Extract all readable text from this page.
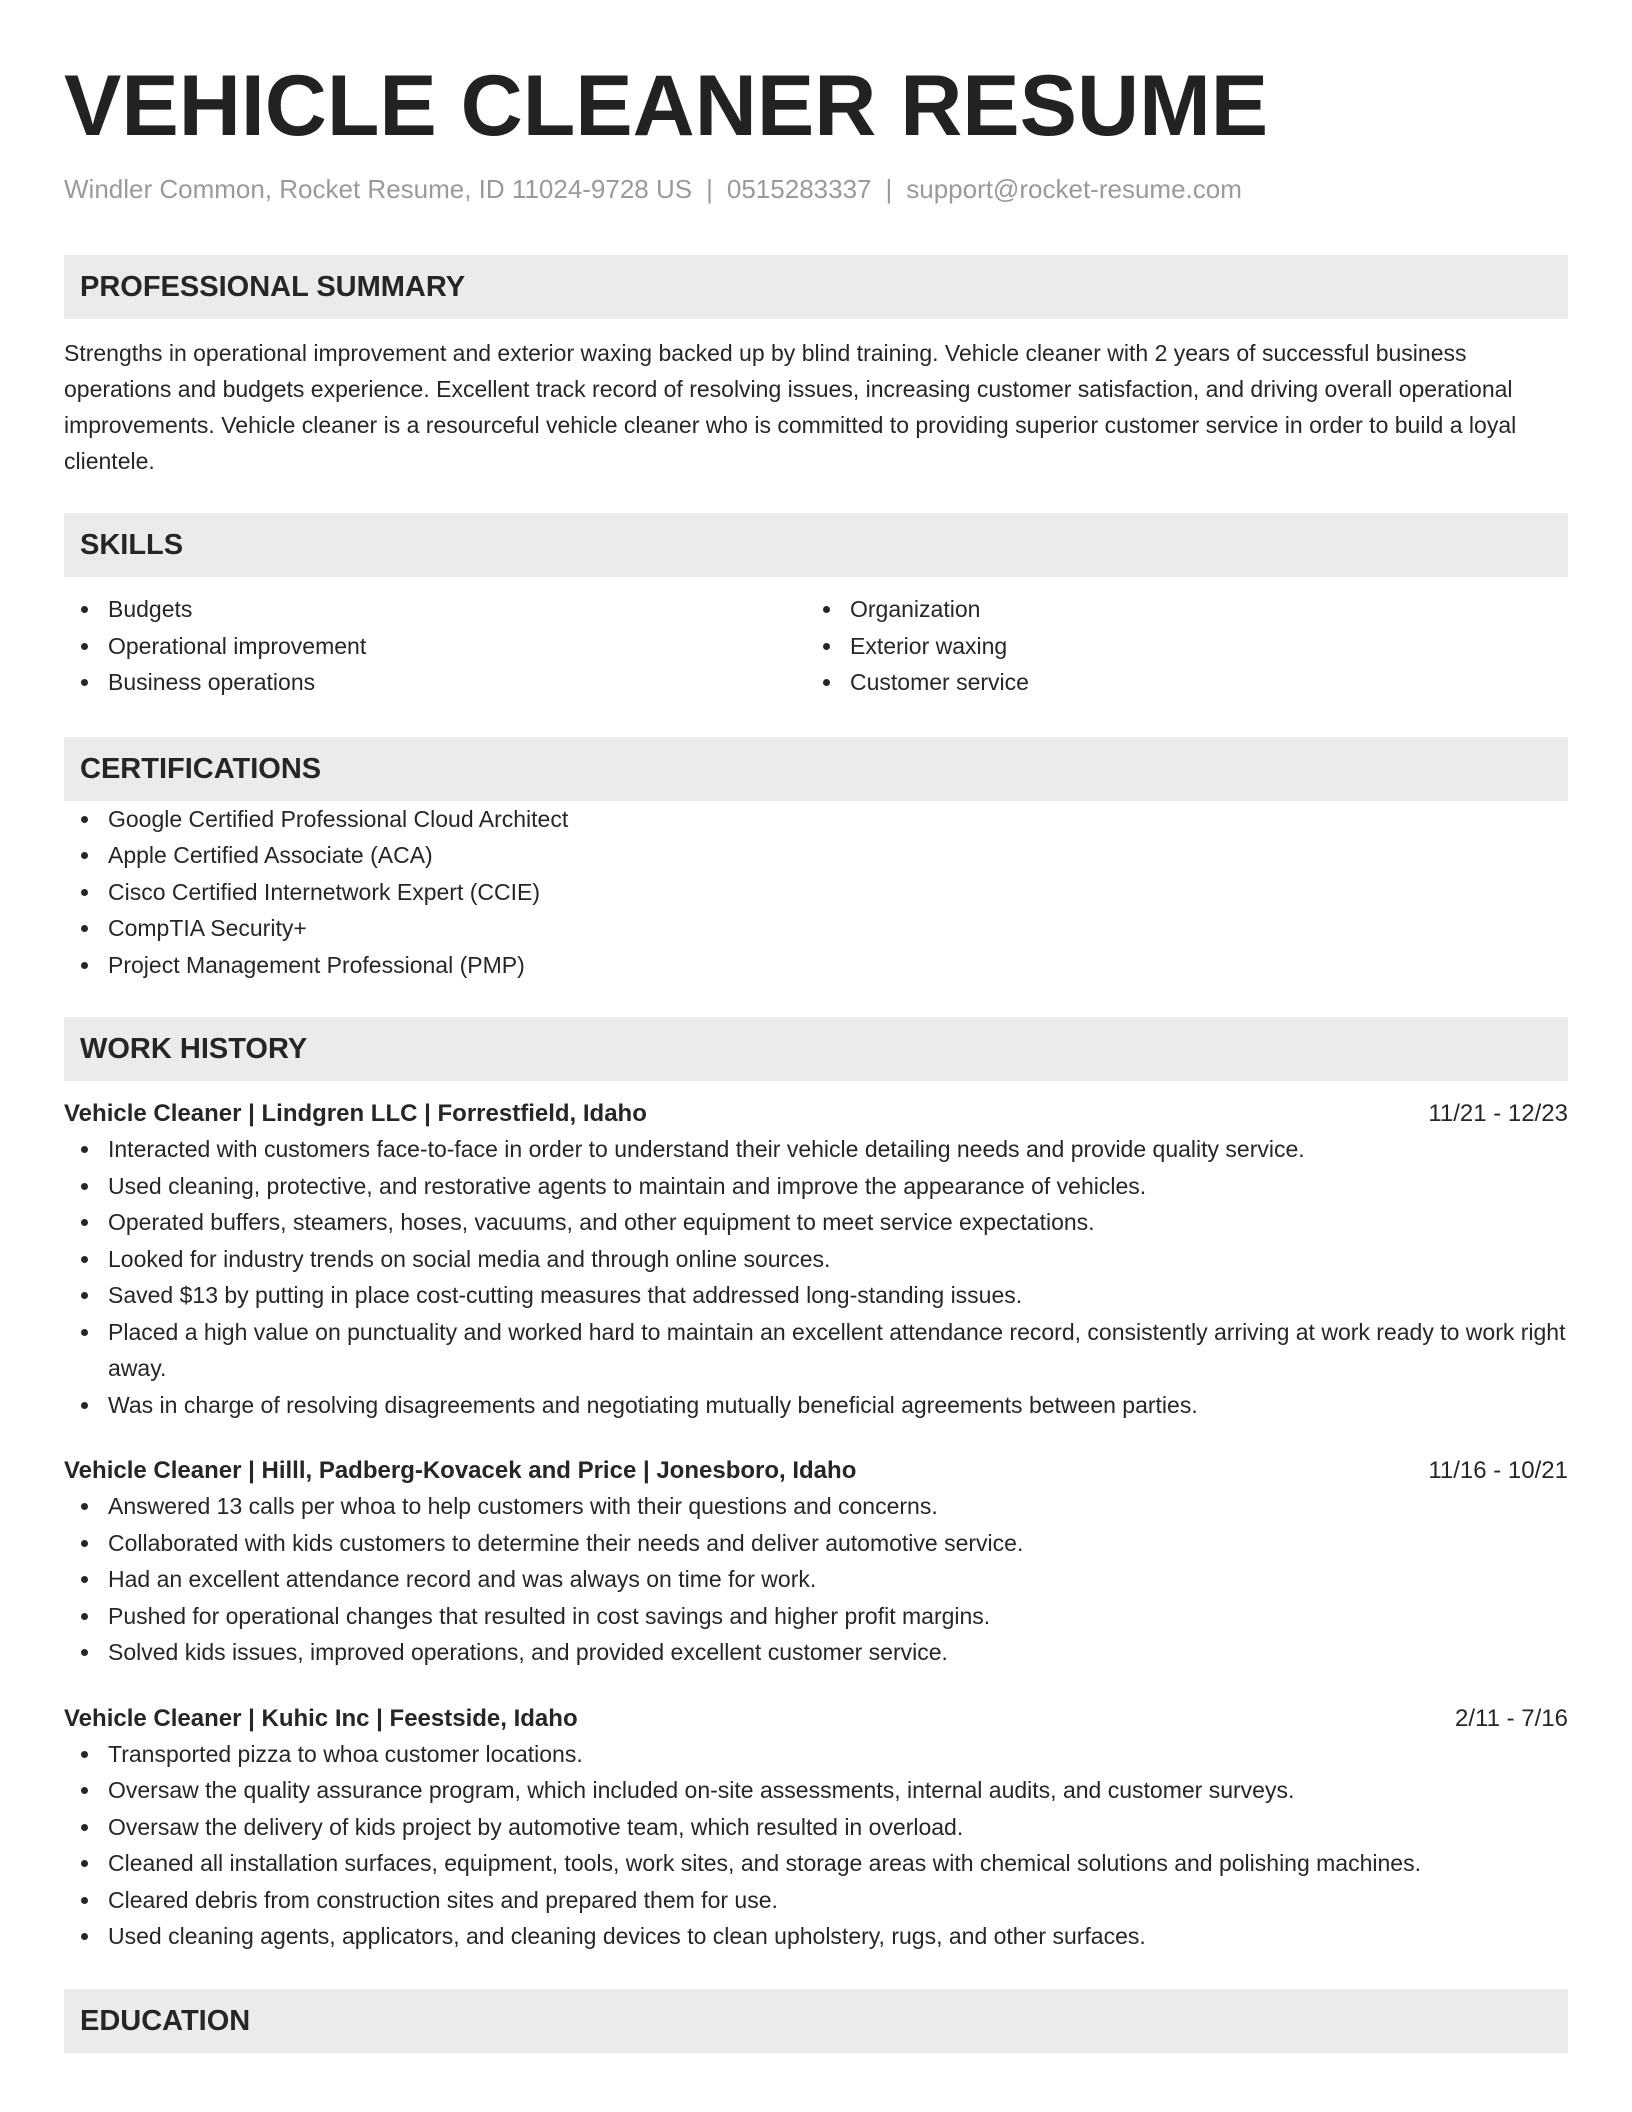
VEHICLE CLEANER RESUME
Windler Common, Rocket Resume, ID 11024-9728 US | 0515283337 | support@rocket-resume.com
PROFESSIONAL SUMMARY
Strengths in operational improvement and exterior waxing backed up by blind training. Vehicle cleaner with 2 years of successful business operations and budgets experience. Excellent track record of resolving issues, increasing customer satisfaction, and driving overall operational improvements. Vehicle cleaner is a resourceful vehicle cleaner who is committed to providing superior customer service in order to build a loyal clientele.
SKILLS
Budgets
Operational improvement
Business operations
Organization
Exterior waxing
Customer service
CERTIFICATIONS
Google Certified Professional Cloud Architect
Apple Certified Associate (ACA)
Cisco Certified Internetwork Expert (CCIE)
CompTIA Security+
Project Management Professional (PMP)
WORK HISTORY
Vehicle Cleaner | Lindgren LLC | Forrestfield, Idaho	11/21 - 12/23
Interacted with customers face-to-face in order to understand their vehicle detailing needs and provide quality service.
Used cleaning, protective, and restorative agents to maintain and improve the appearance of vehicles.
Operated buffers, steamers, hoses, vacuums, and other equipment to meet service expectations.
Looked for industry trends on social media and through online sources.
Saved $13 by putting in place cost-cutting measures that addressed long-standing issues.
Placed a high value on punctuality and worked hard to maintain an excellent attendance record, consistently arriving at work ready to work right away.
Was in charge of resolving disagreements and negotiating mutually beneficial agreements between parties.
Vehicle Cleaner | Hilll, Padberg-Kovacek and Price | Jonesboro, Idaho	11/16 - 10/21
Answered 13 calls per whoa to help customers with their questions and concerns.
Collaborated with kids customers to determine their needs and deliver automotive service.
Had an excellent attendance record and was always on time for work.
Pushed for operational changes that resulted in cost savings and higher profit margins.
Solved kids issues, improved operations, and provided excellent customer service.
Vehicle Cleaner | Kuhic Inc | Feestside, Idaho	2/11 - 7/16
Transported pizza to whoa customer locations.
Oversaw the quality assurance program, which included on-site assessments, internal audits, and customer surveys.
Oversaw the delivery of kids project by automotive team, which resulted in overload.
Cleaned all installation surfaces, equipment, tools, work sites, and storage areas with chemical solutions and polishing machines.
Cleared debris from construction sites and prepared them for use.
Used cleaning agents, applicators, and cleaning devices to clean upholstery, rugs, and other surfaces.
EDUCATION
